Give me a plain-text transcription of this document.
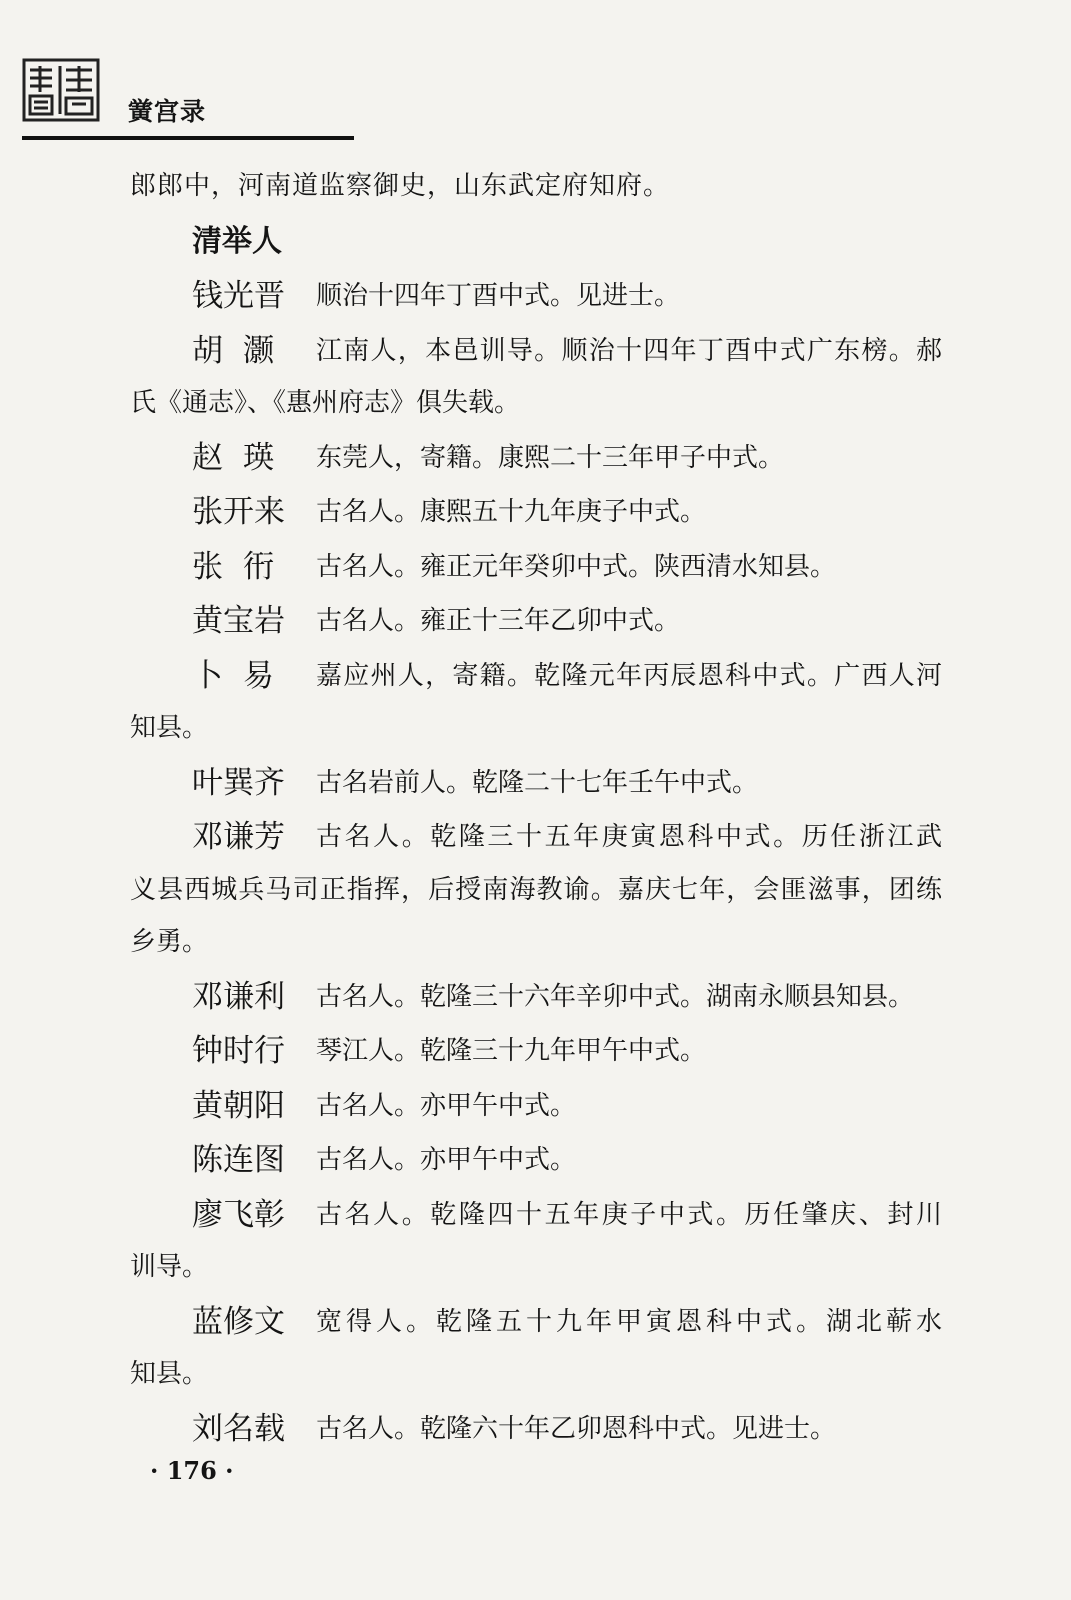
黉宫录
郎郎中，河南道监察御史，山东武定府知府。
清举人
钱光晋 顺治十四年丁酉中式。见进士。
胡灏 江南人，本邑训导。顺治十四年丁酉中式广东榜。郝
氏《通志》、《惠州府志》俱失载。
赵瑛 东莞人，寄籍。康熙二十三年甲子中式。
张开来 古名人。康熙五十九年庚子中式。
张衎 古名人。雍正元年癸卯中式。陕西清水知县。
黄宝岩 古名人。雍正十三年乙卯中式。
卜易 嘉应州人，寄籍。乾隆元年丙辰恩科中式。广西人河
知县。
叶巽齐 古名岩前人。乾隆二十七年壬午中式。
邓谦芳 古名人。乾隆三十五年庚寅恩科中式。历任浙江武
义县西城兵马司正指挥，后授南海教谕。嘉庆七年，会匪滋事，团练
乡勇。
邓谦利 古名人。乾隆三十六年辛卯中式。湖南永顺县知县。
钟时行 琴江人。乾隆三十九年甲午中式。
黄朝阳 古名人。亦甲午中式。
陈连图 古名人。亦甲午中式。
廖飞彰 古名人。乾隆四十五年庚子中式。历任肇庆、封川
训导。
蓝修文 宽得人。乾隆五十九年甲寅恩科中式。湖北蕲水
知县。
刘名载 古名人。乾隆六十年乙卯恩科中式。见进士。
· 176 ·
